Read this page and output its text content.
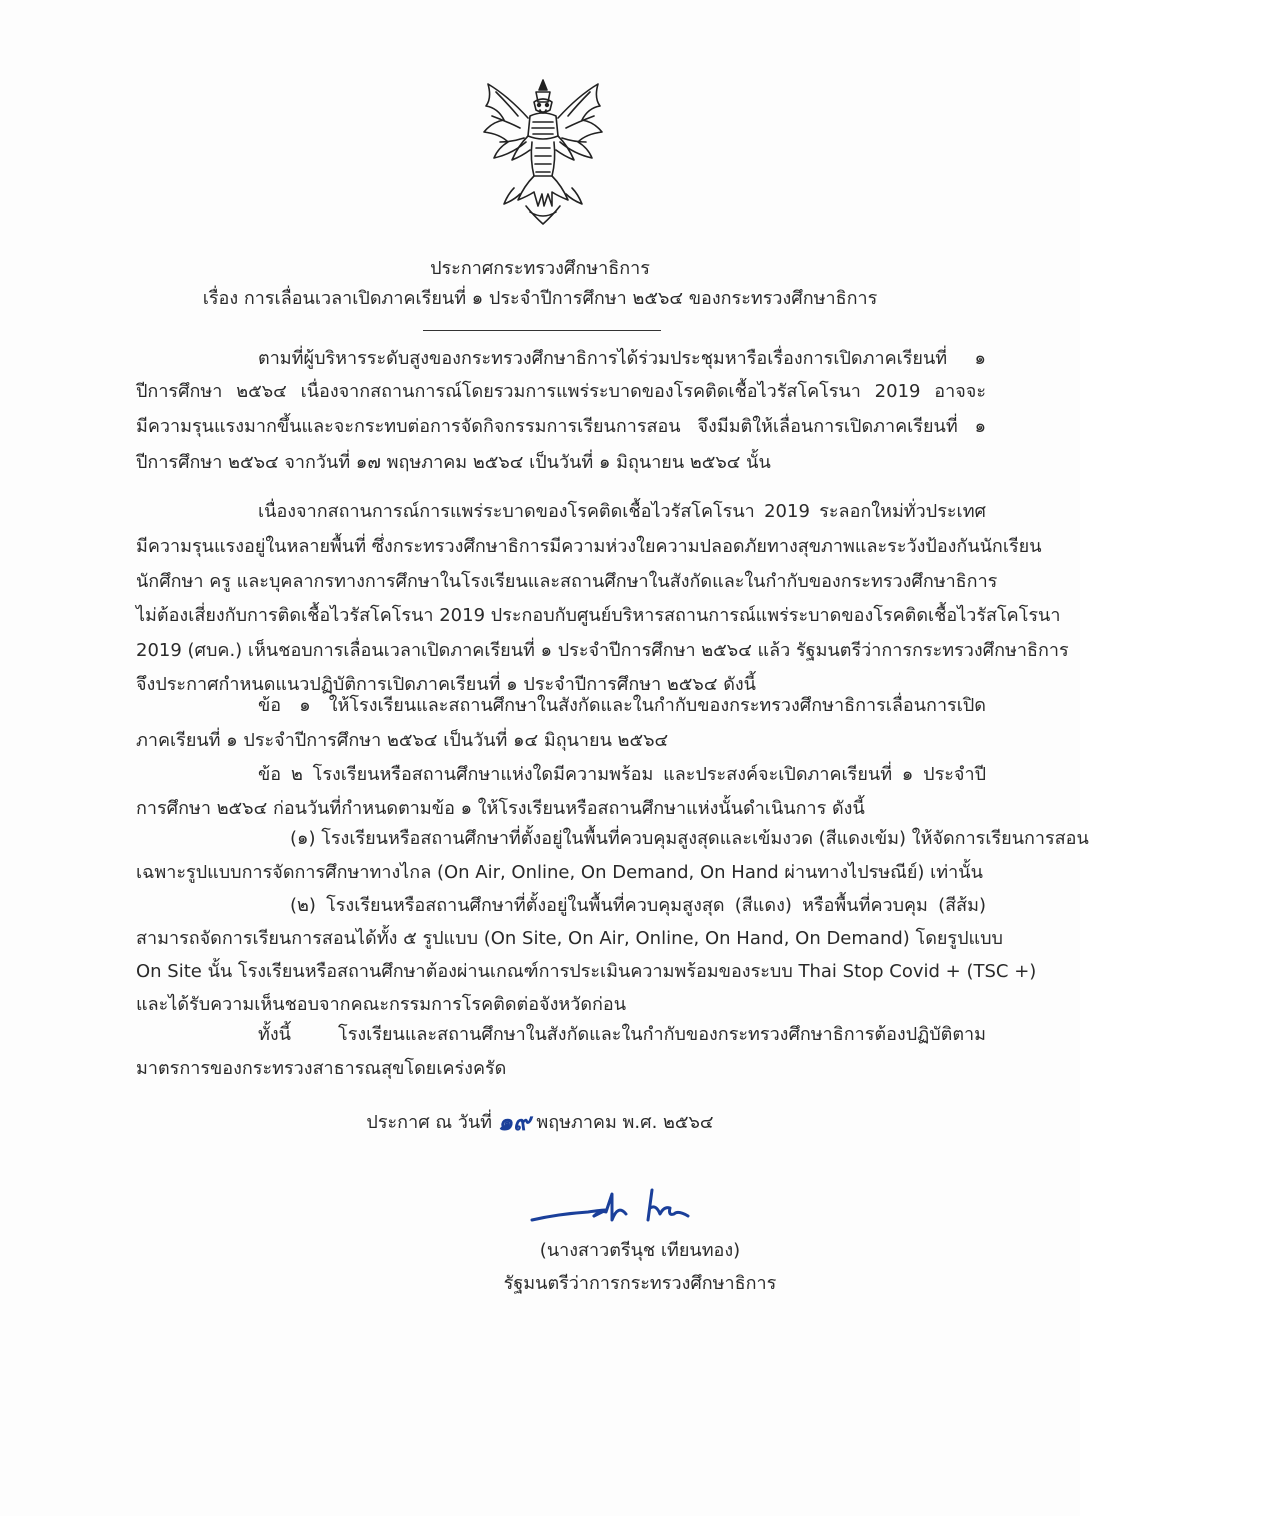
ประกาศกระทรวงศึกษาธิการ
เรื่อง การเลื่อนเวลาเปิดภาคเรียนที่ ๑ ประจำปีการศึกษา ๒๕๖๔ ของกระทรวงศึกษาธิการ
ตามที่ผู้บริหารระดับสูงของกระทรวงศึกษาธิการได้ร่วมประชุมหารือเรื่องการเปิดภาคเรียนที่ ๑
ปีการศึกษา ๒๕๖๔ เนื่องจากสถานการณ์โดยรวมการแพร่ระบาดของโรคติดเชื้อไวรัสโคโรนา 2019 อาจจะ
มีความรุนแรงมากขึ้นและจะกระทบต่อการจัดกิจกรรมการเรียนการสอน จึงมีมติให้เลื่อนการเปิดภาคเรียนที่ ๑
ปีการศึกษา ๒๕๖๔ จากวันที่ ๑๗ พฤษภาคม ๒๕๖๔ เป็นวันที่ ๑ มิถุนายน ๒๕๖๔ นั้น
เนื่องจากสถานการณ์การแพร่ระบาดของโรคติดเชื้อไวรัสโคโรนา 2019 ระลอกใหม่ทั่วประเทศ
มีความรุนแรงอยู่ในหลายพื้นที่ ซึ่งกระทรวงศึกษาธิการมีความห่วงใยความปลอดภัยทางสุขภาพและระวังป้องกันนักเรียน
นักศึกษา ครู และบุคลากรทางการศึกษาในโรงเรียนและสถานศึกษาในสังกัดและในกำกับของกระทรวงศึกษาธิการ
ไม่ต้องเสี่ยงกับการติดเชื้อไวรัสโคโรนา 2019 ประกอบกับศูนย์บริหารสถานการณ์แพร่ระบาดของโรคติดเชื้อไวรัสโคโรนา
2019 (ศบค.) เห็นชอบการเลื่อนเวลาเปิดภาคเรียนที่ ๑ ประจำปีการศึกษา ๒๕๖๔ แล้ว รัฐมนตรีว่าการกระทรวงศึกษาธิการ
จึงประกาศกำหนดแนวปฏิบัติการเปิดภาคเรียนที่ ๑ ประจำปีการศึกษา ๒๕๖๔ ดังนี้
ข้อ ๑ ให้โรงเรียนและสถานศึกษาในสังกัดและในกำกับของกระทรวงศึกษาธิการเลื่อนการเปิด
ภาคเรียนที่ ๑ ประจำปีการศึกษา ๒๕๖๔ เป็นวันที่ ๑๔ มิถุนายน ๒๕๖๔
ข้อ ๒ โรงเรียนหรือสถานศึกษาแห่งใดมีความพร้อม และประสงค์จะเปิดภาคเรียนที่ ๑ ประจำปี
การศึกษา ๒๕๖๔ ก่อนวันที่กำหนดตามข้อ ๑ ให้โรงเรียนหรือสถานศึกษาแห่งนั้นดำเนินการ ดังนี้
(๑) โรงเรียนหรือสถานศึกษาที่ตั้งอยู่ในพื้นที่ควบคุมสูงสุดและเข้มงวด (สีแดงเข้ม) ให้จัดการเรียนการสอน
เฉพาะรูปแบบการจัดการศึกษาทางไกล (On Air, Online, On Demand, On Hand ผ่านทางไปรษณีย์) เท่านั้น
(๒) โรงเรียนหรือสถานศึกษาที่ตั้งอยู่ในพื้นที่ควบคุมสูงสุด (สีแดง) หรือพื้นที่ควบคุม (สีส้ม)
สามารถจัดการเรียนการสอนได้ทั้ง ๕ รูปแบบ (On Site, On Air, Online, On Hand, On Demand) โดยรูปแบบ
On Site นั้น โรงเรียนหรือสถานศึกษาต้องผ่านเกณฑ์การประเมินความพร้อมของระบบ Thai Stop Covid + (TSC +)
และได้รับความเห็นชอบจากคณะกรรมการโรคติดต่อจังหวัดก่อน
ทั้งนี้ โรงเรียนและสถานศึกษาในสังกัดและในกำกับของกระทรวงศึกษาธิการต้องปฏิบัติตาม
มาตรการของกระทรวงสาธารณสุขโดยเคร่งครัด
ประกาศ ณ วันที่ ๑๙ พฤษภาคม พ.ศ. ๒๕๖๔
(นางสาวตรีนุช เทียนทอง)
รัฐมนตรีว่าการกระทรวงศึกษาธิการ
